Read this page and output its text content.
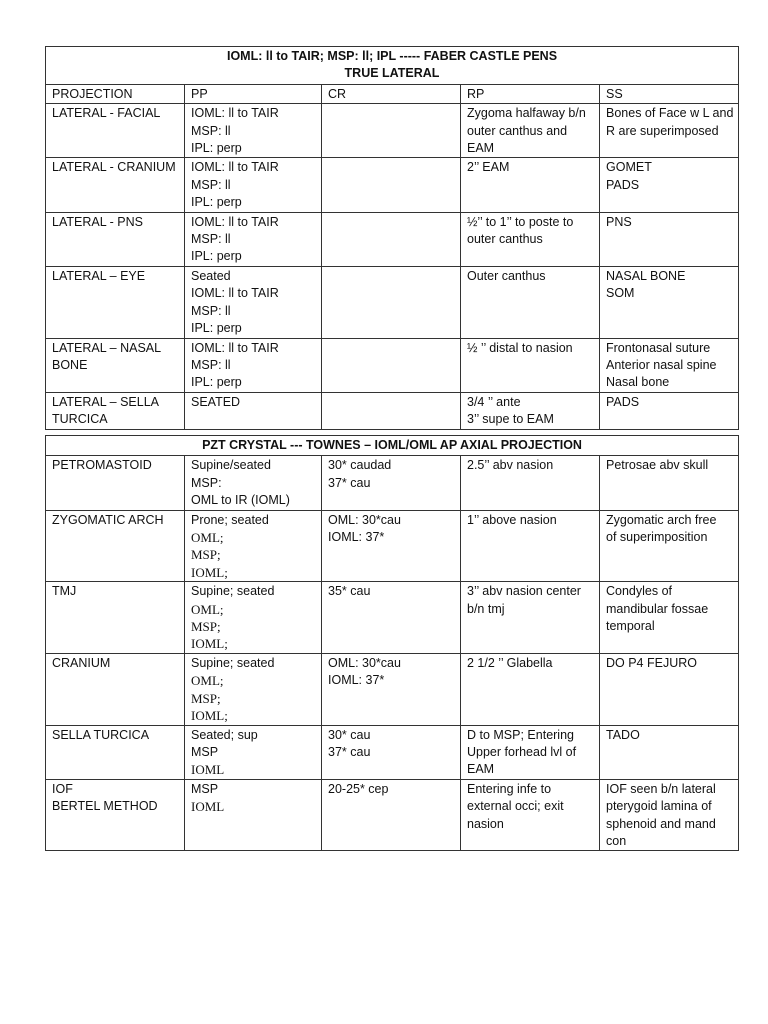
IOML: ll to TAIR; MSP: ll; IPL ----- FABER CASTLE PENS
TRUE LATERAL				

PROJECTION	PP	CR	RP	SS

LATERAL - FACIAL	IOML: ll to TAIR
MSP: ll
IPL: perp		Zygoma halfaway b/n
outer canthus and
EAM	Bones of Face w L and
R are superimposed

LATERAL - CRANIUM	IOML: ll to TAIR
MSP: ll
IPL: perp		2’’ EAM	GOMET
PADS

LATERAL - PNS	IOML: ll to TAIR
MSP: ll
IPL: perp		½’’ to 1’’ to poste to
outer canthus	PNS

LATERAL – EYE	Seated
IOML: ll to TAIR
MSP: ll
IPL: perp		Outer canthus	NASAL BONE
SOM

LATERAL – NASAL
BONE	IOML: ll to TAIR
MSP: ll
IPL: perp		½ ’’ distal to nasion	Frontonasal suture
Anterior nasal spine
Nasal bone

LATERAL – SELLA
TURCICA	SEATED		3/4 ’’ ante
3’’ supe to EAM	PADS
PZT CRYSTAL --- TOWNES – IOML/OML AP AXIAL PROJECTION				

PETROMASTOID	Supine/seated
MSP:
OML to IR (IOML)	30* caudad
37* cau	2.5’’ abv nasion	Petrosae abv skull

ZYGOMATIC ARCH	Prone; seated
OML;
MSP;
IOML;	OML: 30*cau
IOML: 37*	1’’ above nasion	Zygomatic arch free
of superimposition

TMJ	Supine; seated
OML;
MSP;
IOML;	35* cau	3’’ abv nasion center
b/n tmj	Condyles of
mandibular fossae
temporal

CRANIUM	Supine; seated
OML;
MSP;
IOML;	OML: 30*cau
IOML: 37*	2 1/2 ’’ Glabella	DO P4 FEJURO

SELLA TURCICA	Seated; sup
MSP
IOML	30* cau
37* cau	D to MSP; Entering
Upper forhead lvl of
EAM	TADO

IOF
BERTEL METHOD	MSP
IOML	20-25* cep	Entering infe to
external occi; exit
nasion	IOF seen b/n lateral
pterygoid lamina of
sphenoid and mand
con
